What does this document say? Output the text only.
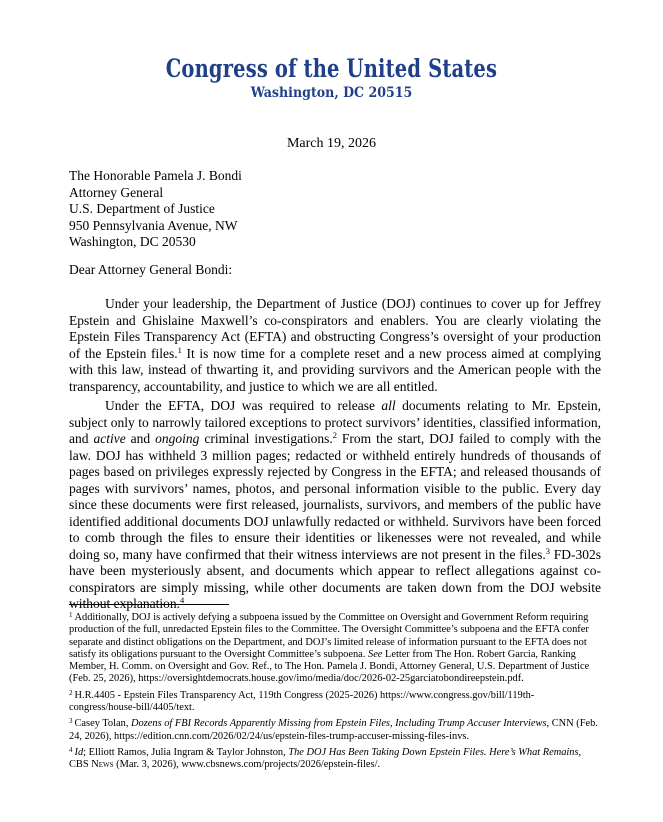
Congress of the United States
Washington, DC 20515
March 19, 2026
The Honorable Pamela J. Bondi
Attorney General
U.S. Department of Justice
950 Pennsylvania Avenue, NW
Washington, DC 20530
Dear Attorney General Bondi:

Under your leadership, the Department of Justice (DOJ) continues to cover up for Jeffrey Epstein and Ghislaine Maxwell’s co-conspirators and enablers. You are clearly violating the Epstein Files Transparency Act (EFTA) and obstructing Congress’s oversight of your production of the Epstein files.$^1$ It is now time for a complete reset and a new process aimed at complying with this law, instead of thwarting it, and providing survivors and the American people with the transparency, accountability, and justice to which we are all entitled.

Under the EFTA, DOJ was required to release all documents relating to Mr. Epstein, subject only to narrowly tailored exceptions to protect survivors’ identities, classified information, and active and ongoing criminal investigations.$^2$ From the start, DOJ failed to comply with the law. DOJ has withheld 3 million pages; redacted or withheld entirely hundreds of thousands of pages based on privileges expressly rejected by Congress in the EFTA; and released thousands of pages with survivors’ names, photos, and personal information visible to the public. Every day since these documents were first released, journalists, survivors, and members of the public have identified additional documents DOJ unlawfully redacted or withheld. Survivors have been forced to comb through the files to ensure their identities or likenesses were not revealed, and while doing so, many have confirmed that their witness interviews are not present in the files.$^3$ FD-302s have been mysteriously absent, and documents which appear to reflect allegations against co-conspirators are simply missing, while other documents are taken down from the DOJ website without explanation.$^4$

$^1$ Additionally, DOJ is actively defying a subpoena issued by the Committee on Oversight and Government Reform requiring production of the full, unredacted Epstein files to the Committee. The Oversight Committee’s subpoena and the EFTA confer separate and distinct obligations on the Department, and DOJ’s limited release of information pursuant to the EFTA does not satisfy its obligations pursuant to the Oversight Committee’s subpoena. See Letter from The Hon. Robert Garcia, Ranking Member, H. Comm. on Oversight and Gov. Ref., to The Hon. Pamela J. Bondi, Attorney General, U.S. Department of Justice (Feb. 25, 2026), https://oversightdemocrats.house.gov/imo/media/doc/2026-02-25garciatobondireepstein.pdf.
$^2$ H.R.4405 - Epstein Files Transparency Act, 119th Congress (2025-2026) https://www.congress.gov/bill/119th-congress/house-bill/4405/text.
$^3$ Casey Tolan, Dozens of FBI Records Apparently Missing from Epstein Files, Including Trump Accuser Interviews, CNN (Feb. 24, 2026), https://edition.cnn.com/2026/02/24/us/epstein-files-trump-accuser-missing-files-invs.
$^4$ Id; Elliott Ramos, Julia Ingram & Taylor Johnston, The DOJ Has Been Taking Down Epstein Files. Here’s What Remains, CBS News (Mar. 3, 2026), www.cbsnews.com/projects/2026/epstein-files/.
